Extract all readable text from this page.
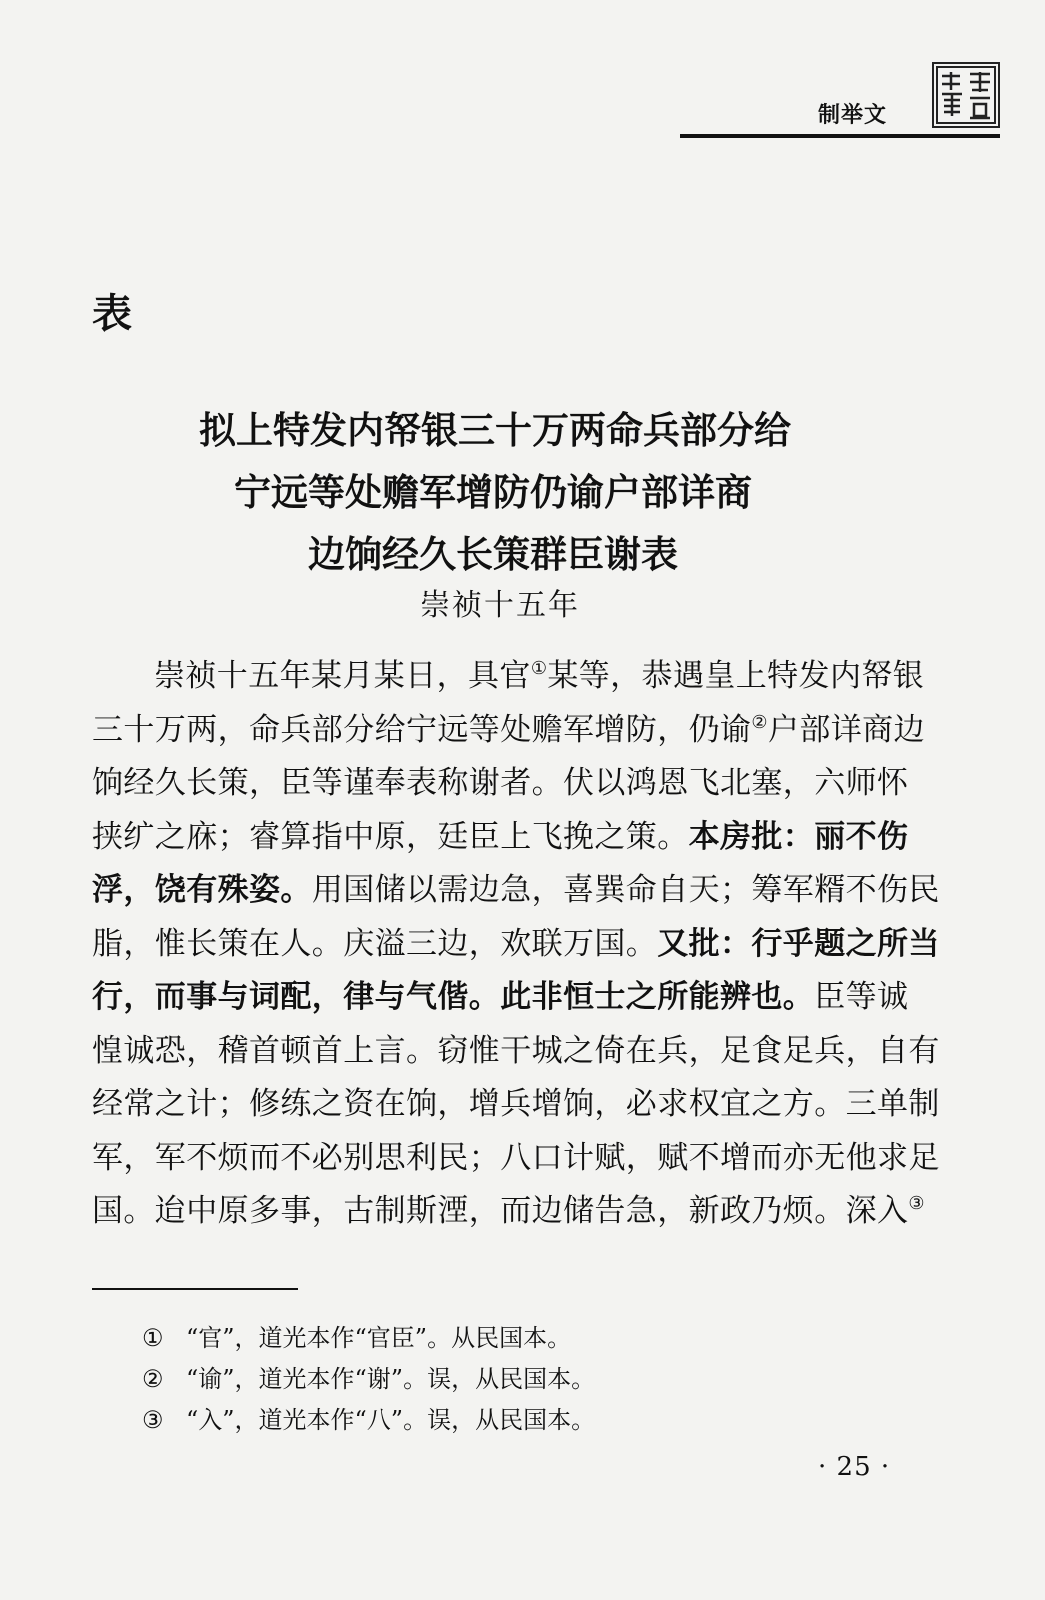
制举文
表
拟上特发内帑银三十万两命兵部分给
宁远等处赡军增防仍谕户部详商
边饷经久长策群臣谢表
崇祯十五年
崇祯十五年某月某日，具官①某等，恭遇皇上特发内帑银
三十万两，命兵部分给宁远等处赡军增防，仍谕②户部详商边
饷经久长策，臣等谨奉表称谢者。伏以鸿恩飞北塞，六师怀
挟纩之庥；睿算指中原，廷臣上飞挽之策。本房批：丽不伤
浮，饶有殊姿。用国储以需边急，喜巽命自天；筹军糈不伤民
脂，惟长策在人。庆溢三边，欢联万国。又批：行乎题之所当
行，而事与词配，律与气偕。此非恒士之所能辨也。臣等诚
惶诚恐，稽首顿首上言。窃惟干城之倚在兵，足食足兵，自有
经常之计；修练之资在饷，增兵增饷，必求权宜之方。三单制
军，军不烦而不必别思利民；八口计赋，赋不增而亦无他求足
国。迨中原多事，古制斯湮，而边储告急，新政乃烦。深入③
① “官”，道光本作“官臣”。从民国本。
② “谕”，道光本作“谢”。误，从民国本。
③ “入”，道光本作“八”。误，从民国本。
· 25 ·
